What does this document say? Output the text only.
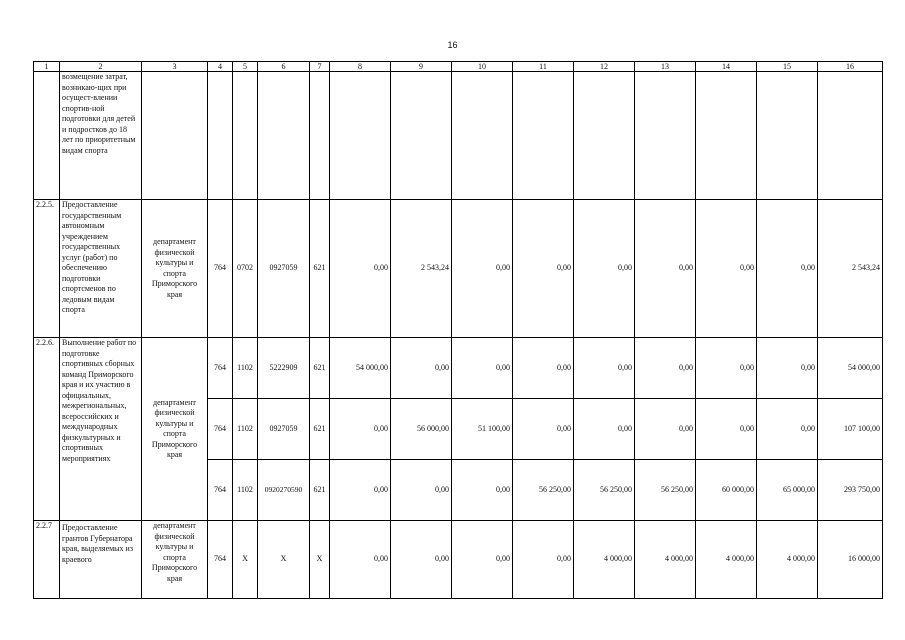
16
1	2	3	4	5	6	7	8	9	10	11	12	13	14	15	16
	возмещение затрат, возникаю-щих при осущест-влении спортив-ной подготовки для детей и подростков до 18 лет по приоритетным видам спорта														
2.2.5.	Предоставление государственным автономным учреждением государственных услуг (работ) по обеспечению подготовки спортсменов по ледовым видам спорта	департамент физической культуры и спорта Приморского края	764	0702	0927059	621	0,00	2 543,24	0,00	0,00	0,00	0,00	0,00	0,00	2 543,24
2.2.6.	Выполнение работ по подготовке спортивных сборных команд Приморского края и их участию в официальных, межрегиональных, всероссийских и международных физкультурных и спортивных мероприятиях	департамент физической культуры и спорта Приморского края	764	1102	5222909	621	54 000,00	0,00	0,00	0,00	0,00	0,00	0,00	0,00	54 000,00
			764	1102	0927059	621	0,00	56 000,00	51 100,00	0,00	0,00	0,00	0,00	0,00	107 100,00
			764	1102	0920270590	621	0,00	0,00	0,00	56 250,00	56 250,00	56 250,00	60 000,00	65 000,00	293 750,00
2.2.7	Предоставление грантов Губернатора края, выделяемых из краевого	департамент физической культуры и спорта Приморского края	764	X	X	X	0,00	0,00	0,00	0,00	4 000,00	4 000,00	4 000,00	4 000,00	16 000,00
